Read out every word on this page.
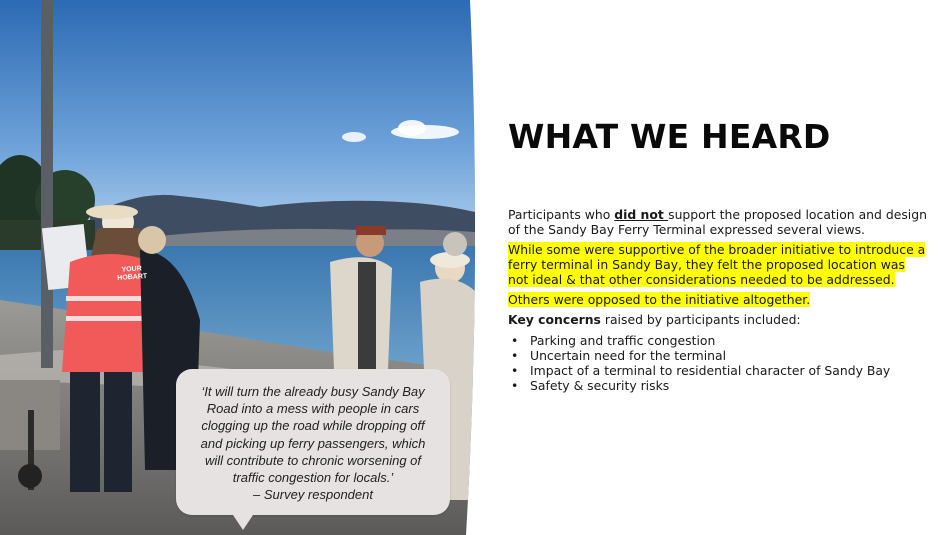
YOUR HOBART
‘It will turn the already busy Sandy Bay Road into a mess with people in cars clogging up the road while dropping off and picking up ferry passengers, which will contribute to chronic worsening of traffic congestion for locals.’
– Survey respondent
WHAT WE HEARD

Participants who did not support the proposed location and design of the Sandy Bay Ferry Terminal expressed several views.

While some were supportive of the broader initiative to introduce a ferry terminal in Sandy Bay, they felt the proposed location was not ideal & that other considerations needed to be addressed.

Others were opposed to the initiative altogether.

Key concerns raised by participants included:

• Parking and traffic congestion
• Uncertain need for the terminal
• Impact of a terminal to residential character of Sandy Bay
• Safety & security risks
